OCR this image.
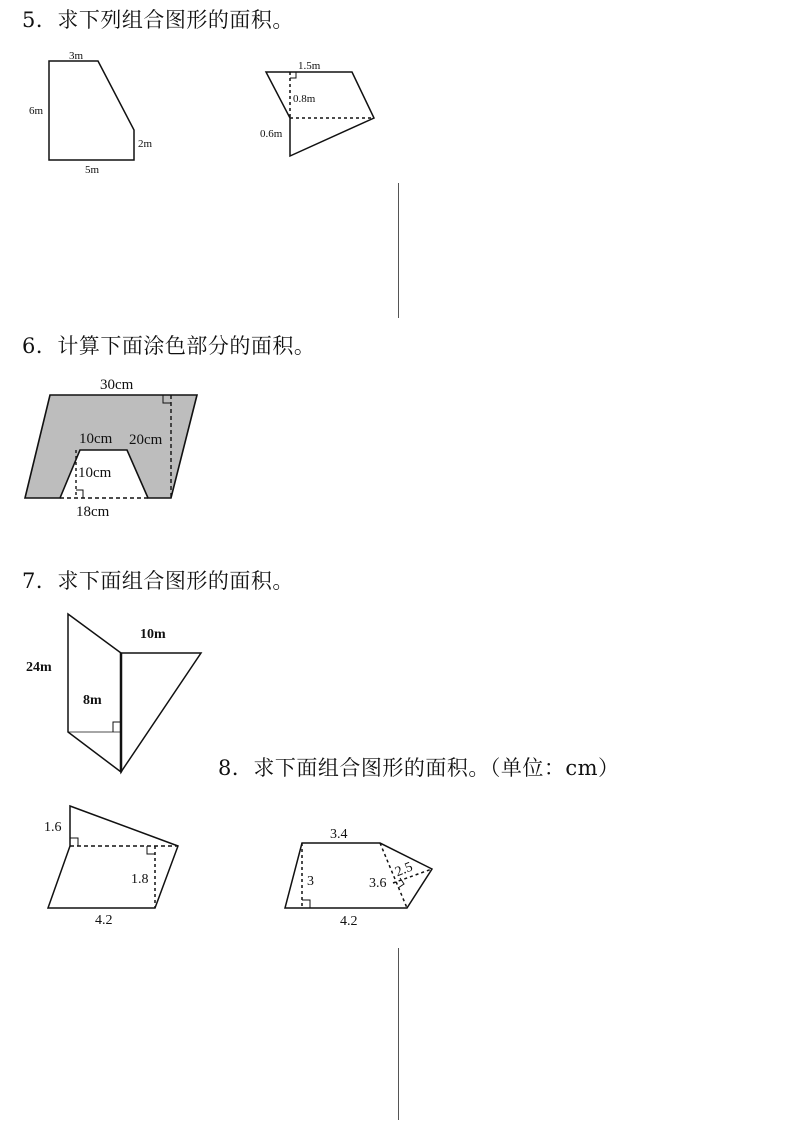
5．求下列组合图形的面积。
6．计算下面涂色部分的面积。
7．求下面组合图形的面积。
8．求下面组合图形的面积。（单位：cm）
3m
6m
2m
5m
1.5m
0.8m
0.6m
30cm
10cm 20cm
10cm
18cm
24m
10m
8m
1.6
1.8
4.2
3.4
3	3.6
2.5
4.2
